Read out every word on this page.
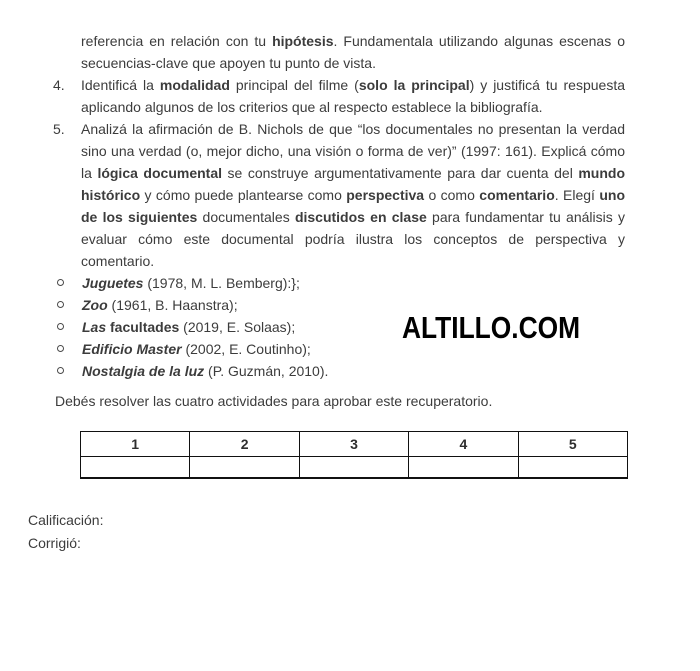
referencia en relación con tu hipótesis. Fundamentala utilizando algunas escenas o secuencias-clave que apoyen tu punto de vista.

4.	Identificá la modalidad principal del filme (solo la principal) y justificá tu respuesta aplicando algunos de los criterios que al respecto establece la bibliografía.
5.	Analizá la afirmación de B. Nichols de que “los documentales no presentan la verdad sino una verdad (o, mejor dicho, una visión o forma de ver)” (1997: 161). Explicá cómo la lógica documental se construye argumentativamente para dar cuenta del mundo histórico y cómo puede plantearse como perspectiva o como comentario. Elegí uno de los siguientes documentales discutidos en clase para fundamentar tu análisis y evaluar cómo este documental podría ilustra los conceptos de perspectiva y comentario.
Juguetes (1978, M. L. Bemberg):};
Zoo (1961, B. Haanstra);
Las facultades (2019, E. Solaas);
Edificio Master (2002, E. Coutinho);
Nostalgia de la luz (P. Guzmán, 2010).

Debés resolver las cuatro actividades para aprobar este recuperatorio.

1	2	3	4	5

Calificación:
Corrigió:
ALTILLO.COM
